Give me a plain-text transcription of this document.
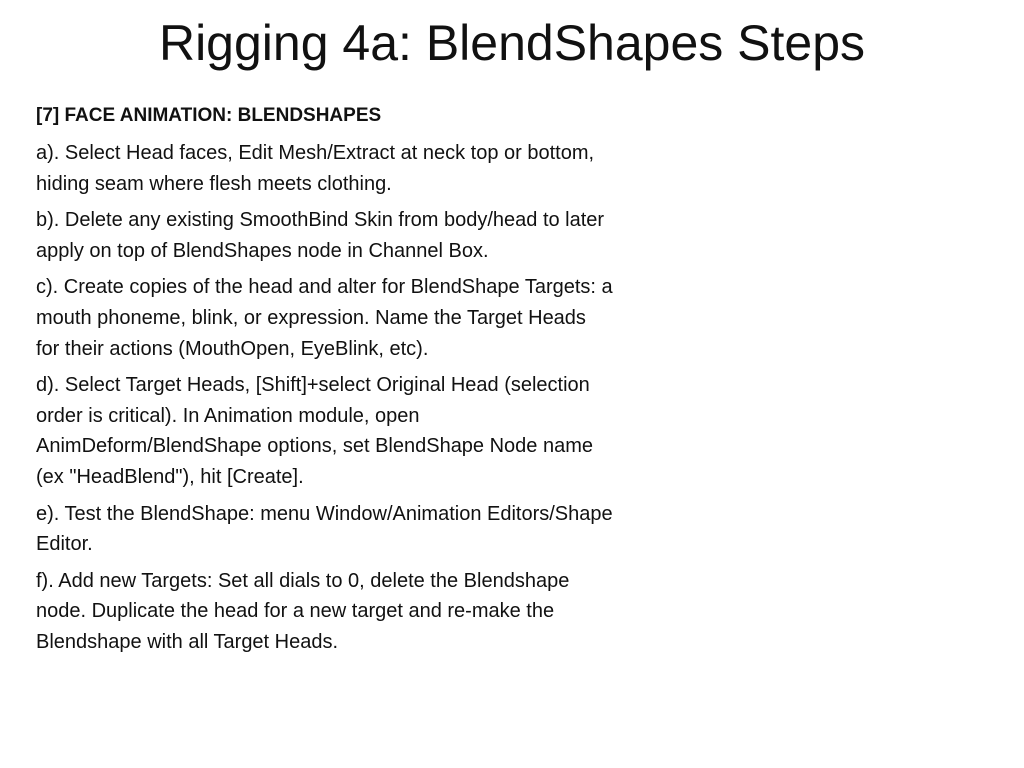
Rigging 4a: BlendShapes Steps

[7] FACE ANIMATION: BLENDSHAPES

a). Select Head faces, Edit Mesh/Extract at neck top or bottom, hiding seam where flesh meets clothing.

b). Delete any existing SmoothBind Skin from body/head to later apply on top of BlendShapes node in Channel Box.

c). Create copies of the head and alter for BlendShape Targets: a mouth phoneme, blink, or expression. Name the Target Heads for their actions (MouthOpen, EyeBlink, etc).

d). Select Target Heads, [Shift]+select Original Head (selection order is critical). In Animation module, open AnimDeform/BlendShape options, set BlendShape Node name (ex "HeadBlend"), hit [Create].

e). Test the BlendShape: menu Window/Animation Editors/Shape Editor.

f). Add new Targets: Set all dials to 0, delete the Blendshape node. Duplicate the head for a new target and re-make the Blendshape with all Target Heads.
